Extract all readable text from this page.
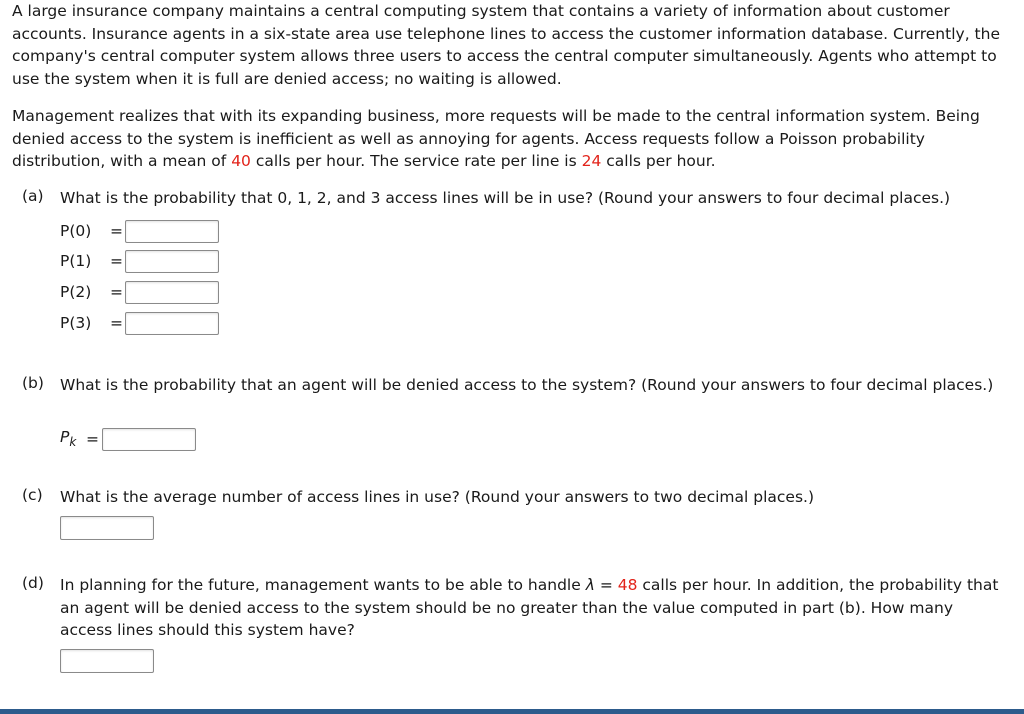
A large insurance company maintains a central computing system that contains a variety of information about customer accounts. Insurance agents in a six-state area use telephone lines to access the customer information database. Currently, the company's central computer system allows three users to access the central computer simultaneously. Agents who attempt to use the system when it is full are denied access; no waiting is allowed.

Management realizes that with its expanding business, more requests will be made to the central information system. Being denied access to the system is inefficient as well as annoying for agents. Access requests follow a Poisson probability distribution, with a mean of 40 calls per hour. The service rate per line is 24 calls per hour.

(a)	What is the probability that 0, 1, 2, and 3 access lines will be in use? (Round your answers to four decimal places.)
P(0)	=
P(1)	=
P(2)	=
P(3)	=
(b)	What is the probability that an agent will be denied access to the system? (Round your answers to four decimal places.)
$P_k$ =
(c)	What is the average number of access lines in use? (Round your answers to two decimal places.)
(d)	In planning for the future, management wants to be able to handle λ = 48 calls per hour. In addition, the probability that an agent will be denied access to the system should be no greater than the value computed in part (b). How many access lines should this system have?
